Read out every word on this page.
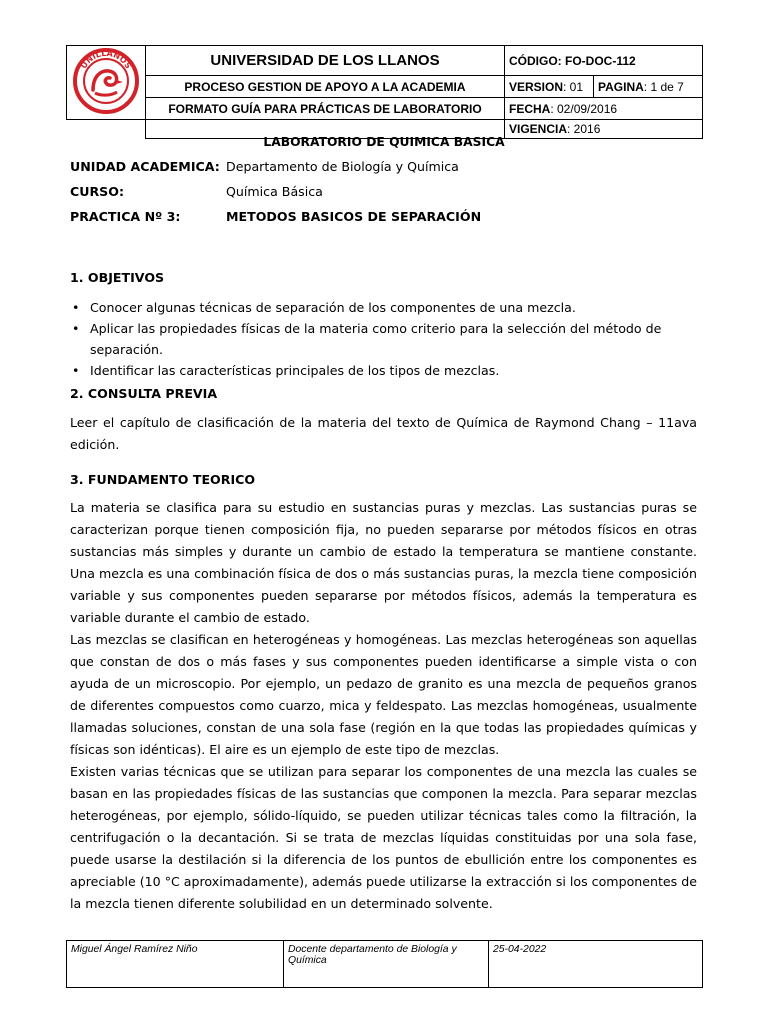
UNILLANOS	UNIVERSIDAD DE LOS LLANOS	CÓDIGO: FO-DOC-112	
	PROCESO GESTION DE APOYO A LA ACADEMIA	VERSION: 01	PAGINA: 1 de 7
	FORMATO GUÍA PARA PRÁCTICAS DE LABORATORIO	FECHA: 02/09/2016	
		VIGENCIA: 2016	
LABORATORIO DE QUIMICA BASICA
UNIDAD ACADEMICA: Departamento de Biología y Química
CURSO:	Química Básica
PRACTICA Nº 3:	METODOS BASICOS DE SEPARACIÓN
1. OBJETIVOS
• Conocer algunas técnicas de separación de los componentes de una mezcla.
• Aplicar las propiedades físicas de la materia como criterio para la selección del método de separación.
• Identificar las características principales de los tipos de mezclas.
2. CONSULTA PREVIA
Leer el capítulo de clasificación de la materia del texto de Química de Raymond Chang – 11ava edición.
3. FUNDAMENTO TEORICO

La materia se clasifica para su estudio en sustancias puras y mezclas. Las sustancias puras se caracterizan porque tienen composición fija, no pueden separarse por métodos físicos en otras sustancias más simples y durante un cambio de estado la temperatura se mantiene constante. Una mezcla es una combinación física de dos o más sustancias puras, la mezcla tiene composición variable y sus componentes pueden separarse por métodos físicos, además la temperatura es variable durante el cambio de estado.

Las mezclas se clasifican en heterogéneas y homogéneas. Las mezclas heterogéneas son aquellas que constan de dos o más fases y sus componentes pueden identificarse a simple vista o con ayuda de un microscopio. Por ejemplo, un pedazo de granito es una mezcla de pequeños granos de diferentes compuestos como cuarzo, mica y feldespato. Las mezclas homogéneas, usualmente llamadas soluciones, constan de una sola fase (región en la que todas las propiedades químicas y físicas son idénticas). El aire es un ejemplo de este tipo de mezclas.

Existen varias técnicas que se utilizan para separar los componentes de una mezcla las cuales se basan en las propiedades físicas de las sustancias que componen la mezcla. Para separar mezclas heterogéneas, por ejemplo, sólido-líquido, se pueden utilizar técnicas tales como la filtración, la centrifugación o la decantación. Si se trata de mezclas líquidas constituidas por una sola fase, puede usarse la destilación si la diferencia de los puntos de ebullición entre los componentes es apreciable (10 °C aproximadamente), además puede utilizarse la extracción si los componentes de la mezcla tienen diferente solubilidad en un determinado solvente.

Miguel Ángel Ramírez Niño	Docente departamento de Biología y Química	25-04-2022
